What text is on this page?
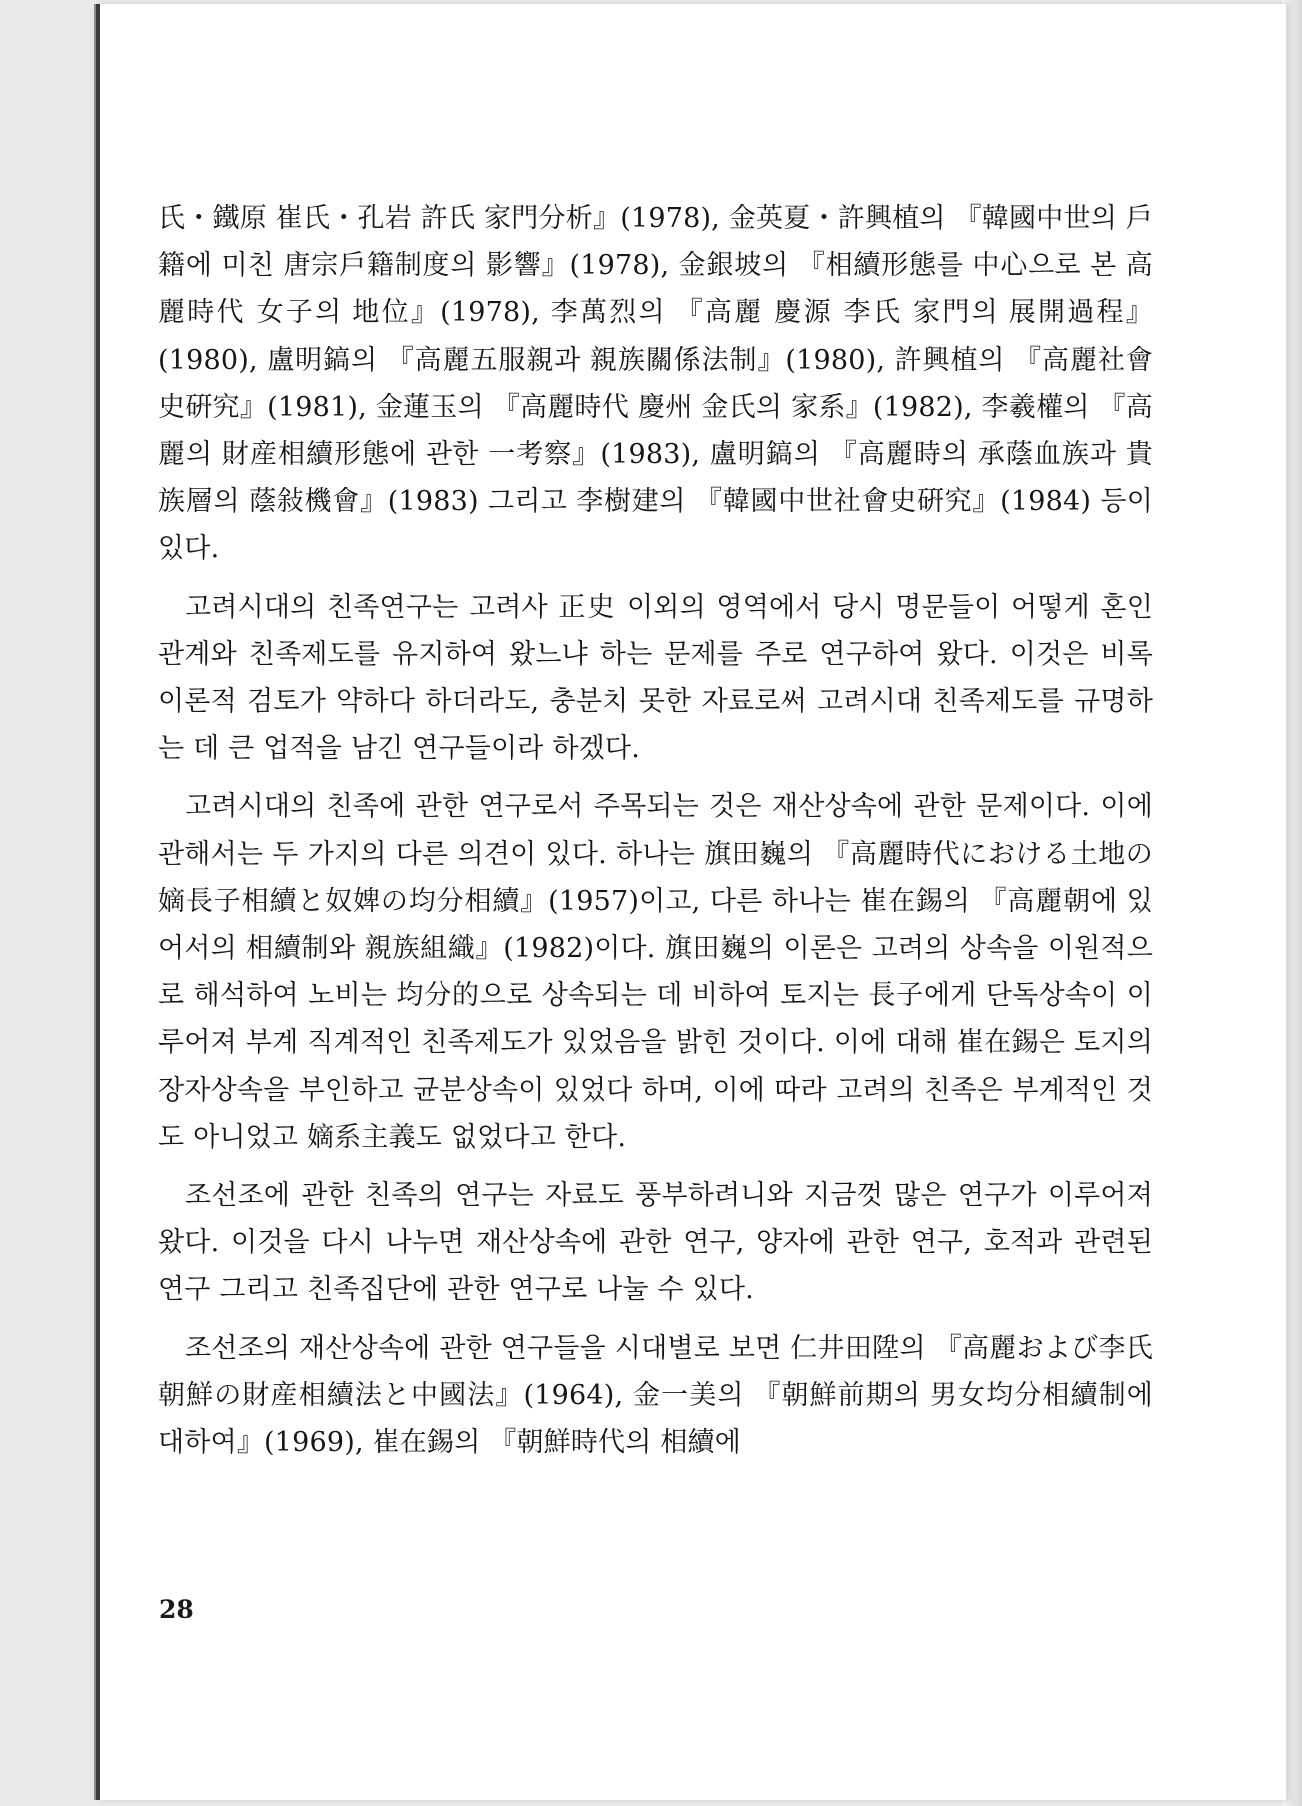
氏・鐵原 崔氏・孔岩 許氏 家門分析』(1978), 金英夏・許興植의 『韓國中世의 戶籍에 미친 唐宗戶籍制度의 影響』(1978), 金銀坡의 『相續形態를 中心으로 본 高麗時代 女子의 地位』(1978), 李萬烈의 『高麗 慶源 李氏 家門의 展開過程』(1980), 盧明鎬의 『高麗五服親과 親族關係法制』(1980), 許興植의 『高麗社會史硏究』(1981), 金蓮玉의 『高麗時代 慶州 金氏의 家系』(1982), 李羲權의 『高麗의 財産相續形態에 관한 一考察』(1983), 盧明鎬의 『高麗時의 承蔭血族과 貴族層의 蔭敍機會』(1983) 그리고 李樹建의 『韓國中世社會史硏究』(1984) 등이 있다.

고려시대의 친족연구는 고려사 正史 이외의 영역에서 당시 명문들이 어떻게 혼인관계와 친족제도를 유지하여 왔느냐 하는 문제를 주로 연구하여 왔다. 이것은 비록 이론적 검토가 약하다 하더라도, 충분치 못한 자료로써 고려시대 친족제도를 규명하는 데 큰 업적을 남긴 연구들이라 하겠다.

고려시대의 친족에 관한 연구로서 주목되는 것은 재산상속에 관한 문제이다. 이에 관해서는 두 가지의 다른 의견이 있다. 하나는 旗田巍의 『高麗時代における土地の嫡長子相續と奴婢の均分相續』(1957)이고, 다른 하나는 崔在錫의 『高麗朝에 있어서의 相續制와 親族組織』(1982)이다. 旗田巍의 이론은 고려의 상속을 이원적으로 해석하여 노비는 均分的으로 상속되는 데 비하여 토지는 長子에게 단독상속이 이루어져 부계 직계적인 친족제도가 있었음을 밝힌 것이다. 이에 대해 崔在錫은 토지의 장자상속을 부인하고 균분상속이 있었다 하며, 이에 따라 고려의 친족은 부계적인 것도 아니었고 嫡系主義도 없었다고 한다.

조선조에 관한 친족의 연구는 자료도 풍부하려니와 지금껏 많은 연구가 이루어져 왔다. 이것을 다시 나누면 재산상속에 관한 연구, 양자에 관한 연구, 호적과 관련된 연구 그리고 친족집단에 관한 연구로 나눌 수 있다.

조선조의 재산상속에 관한 연구들을 시대별로 보면 仁井田陞의 『高麗および李氏朝鮮の財産相續法と中國法』(1964), 金一美의 『朝鮮前期의 男女均分相續制에 대하여』(1969), 崔在錫의 『朝鮮時代의 相續에

28
